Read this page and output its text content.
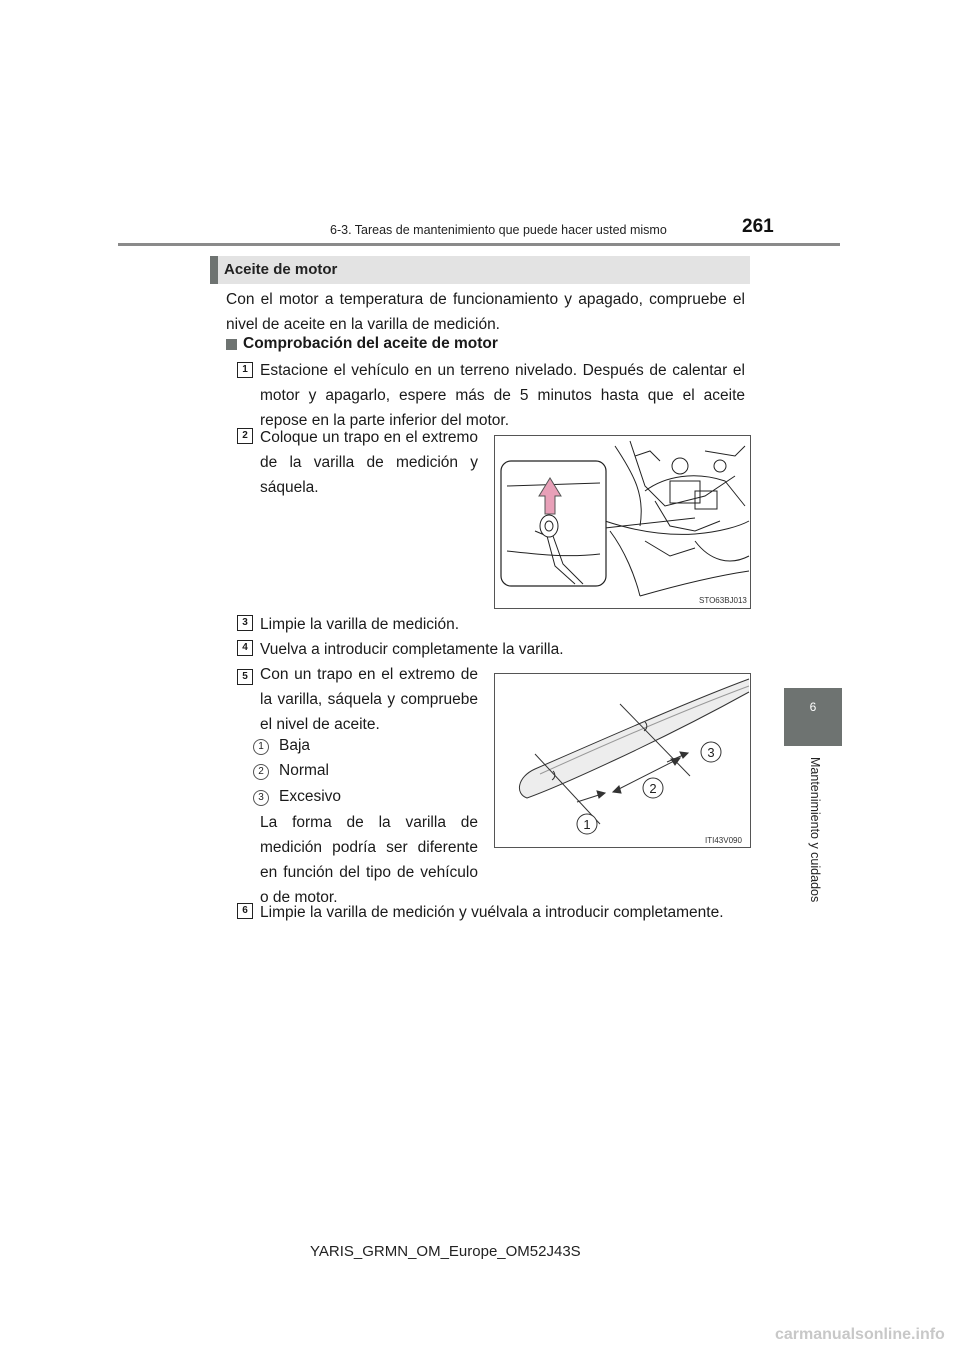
6-3. Tareas de mantenimiento que puede hacer usted mismo	261
6
Mantenimiento y cuidados
Aceite de motor
Con el motor a temperatura de funcionamiento y apagado, compruebe el nivel de aceite en la varilla de medición.
Comprobación del aceite de motor
1 Estacione el vehículo en un terreno nivelado. Después de calentar el motor y apagarlo, espere más de 5 minutos hasta que el aceite repose en la parte inferior del motor.
2 Coloque un trapo en el extremo de la varilla de medición y sáquela.
STO63BJ013
3 Limpie la varilla de medición.
4 Vuelva a introducir completamente la varilla.
5 Con un trapo en el extremo de la varilla, sáquela y compruebe el nivel de aceite.
1 Baja
2 Normal
3 Excesivo
La forma de la varilla de medición podría ser diferente en función del tipo de vehículo o de motor.
1
2
3
ITI43V090
6 Limpie la varilla de medición y vuélvala a introducir completamente.
YARIS_GRMN_OM_Europe_OM52J43S
carmanualsonline.info
